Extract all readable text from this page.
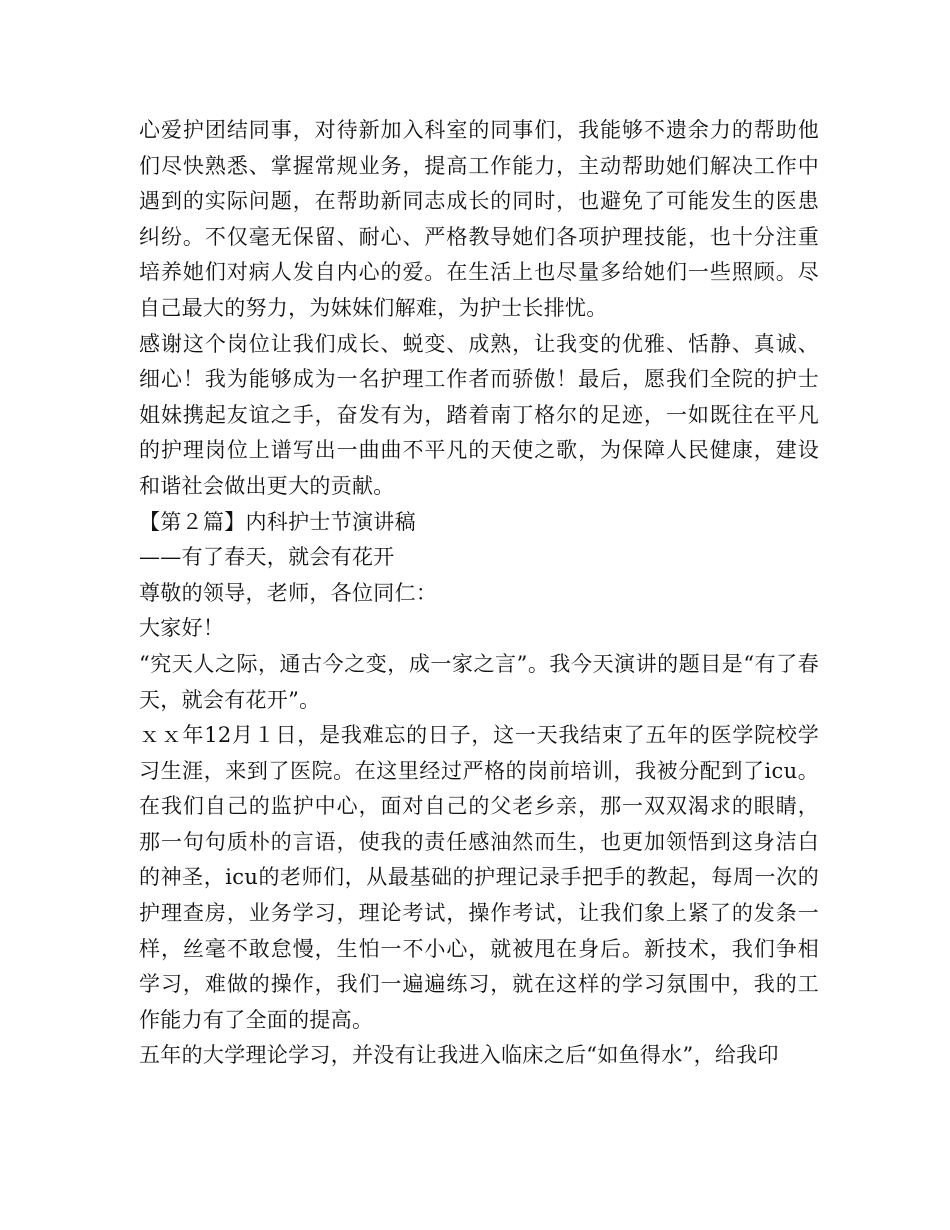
心爱护团结同事，对待新加入科室的同事们，我能够不遗余力的帮助他们尽快熟悉、掌握常规业务，提高工作能力，主动帮助她们解决工作中遇到的实际问题，在帮助新同志成长的同时，也避免了可能发生的医患纠纷。不仅毫无保留、耐心、严格教导她们各项护理技能，也十分注重培养她们对病人发自内心的爱。在生活上也尽量多给她们一些照顾。尽自己最大的努力，为妹妹们解难，为护士长排忧。

感谢这个岗位让我们成长、蜕变、成熟，让我变的优雅、恬静、真诚、细心！我为能够成为一名护理工作者而骄傲！最后，愿我们全院的护士姐妹携起友谊之手，奋发有为，踏着南丁格尔的足迹，一如既往在平凡的护理岗位上谱写出一曲曲不平凡的天使之歌，为保障人民健康，建设和谐社会做出更大的贡献。

【第２篇】内科护士节演讲稿

——有了春天，就会有花开

尊敬的领导，老师，各位同仁：

大家好！

“究天人之际，通古今之变，成一家之言”。我今天演讲的题目是“有了春天，就会有花开”。

ｘｘ年12月１日，是我难忘的日子，这一天我结束了五年的医学院校学习生涯，来到了医院。在这里经过严格的岗前培训，我被分配到了icu。在我们自己的监护中心，面对自己的父老乡亲，那一双双渴求的眼睛，那一句句质朴的言语，使我的责任感油然而生，也更加领悟到这身洁白的神圣，icu的老师们，从最基础的护理记录手把手的教起，每周一次的护理查房，业务学习，理论考试，操作考试，让我们象上紧了的发条一样，丝毫不敢怠慢，生怕一不小心，就被甩在身后。新技术，我们争相学习，难做的操作，我们一遍遍练习，就在这样的学习氛围中，我的工作能力有了全面的提高。

五年的大学理论学习，并没有让我进入临床之后“如鱼得水”，给我印
